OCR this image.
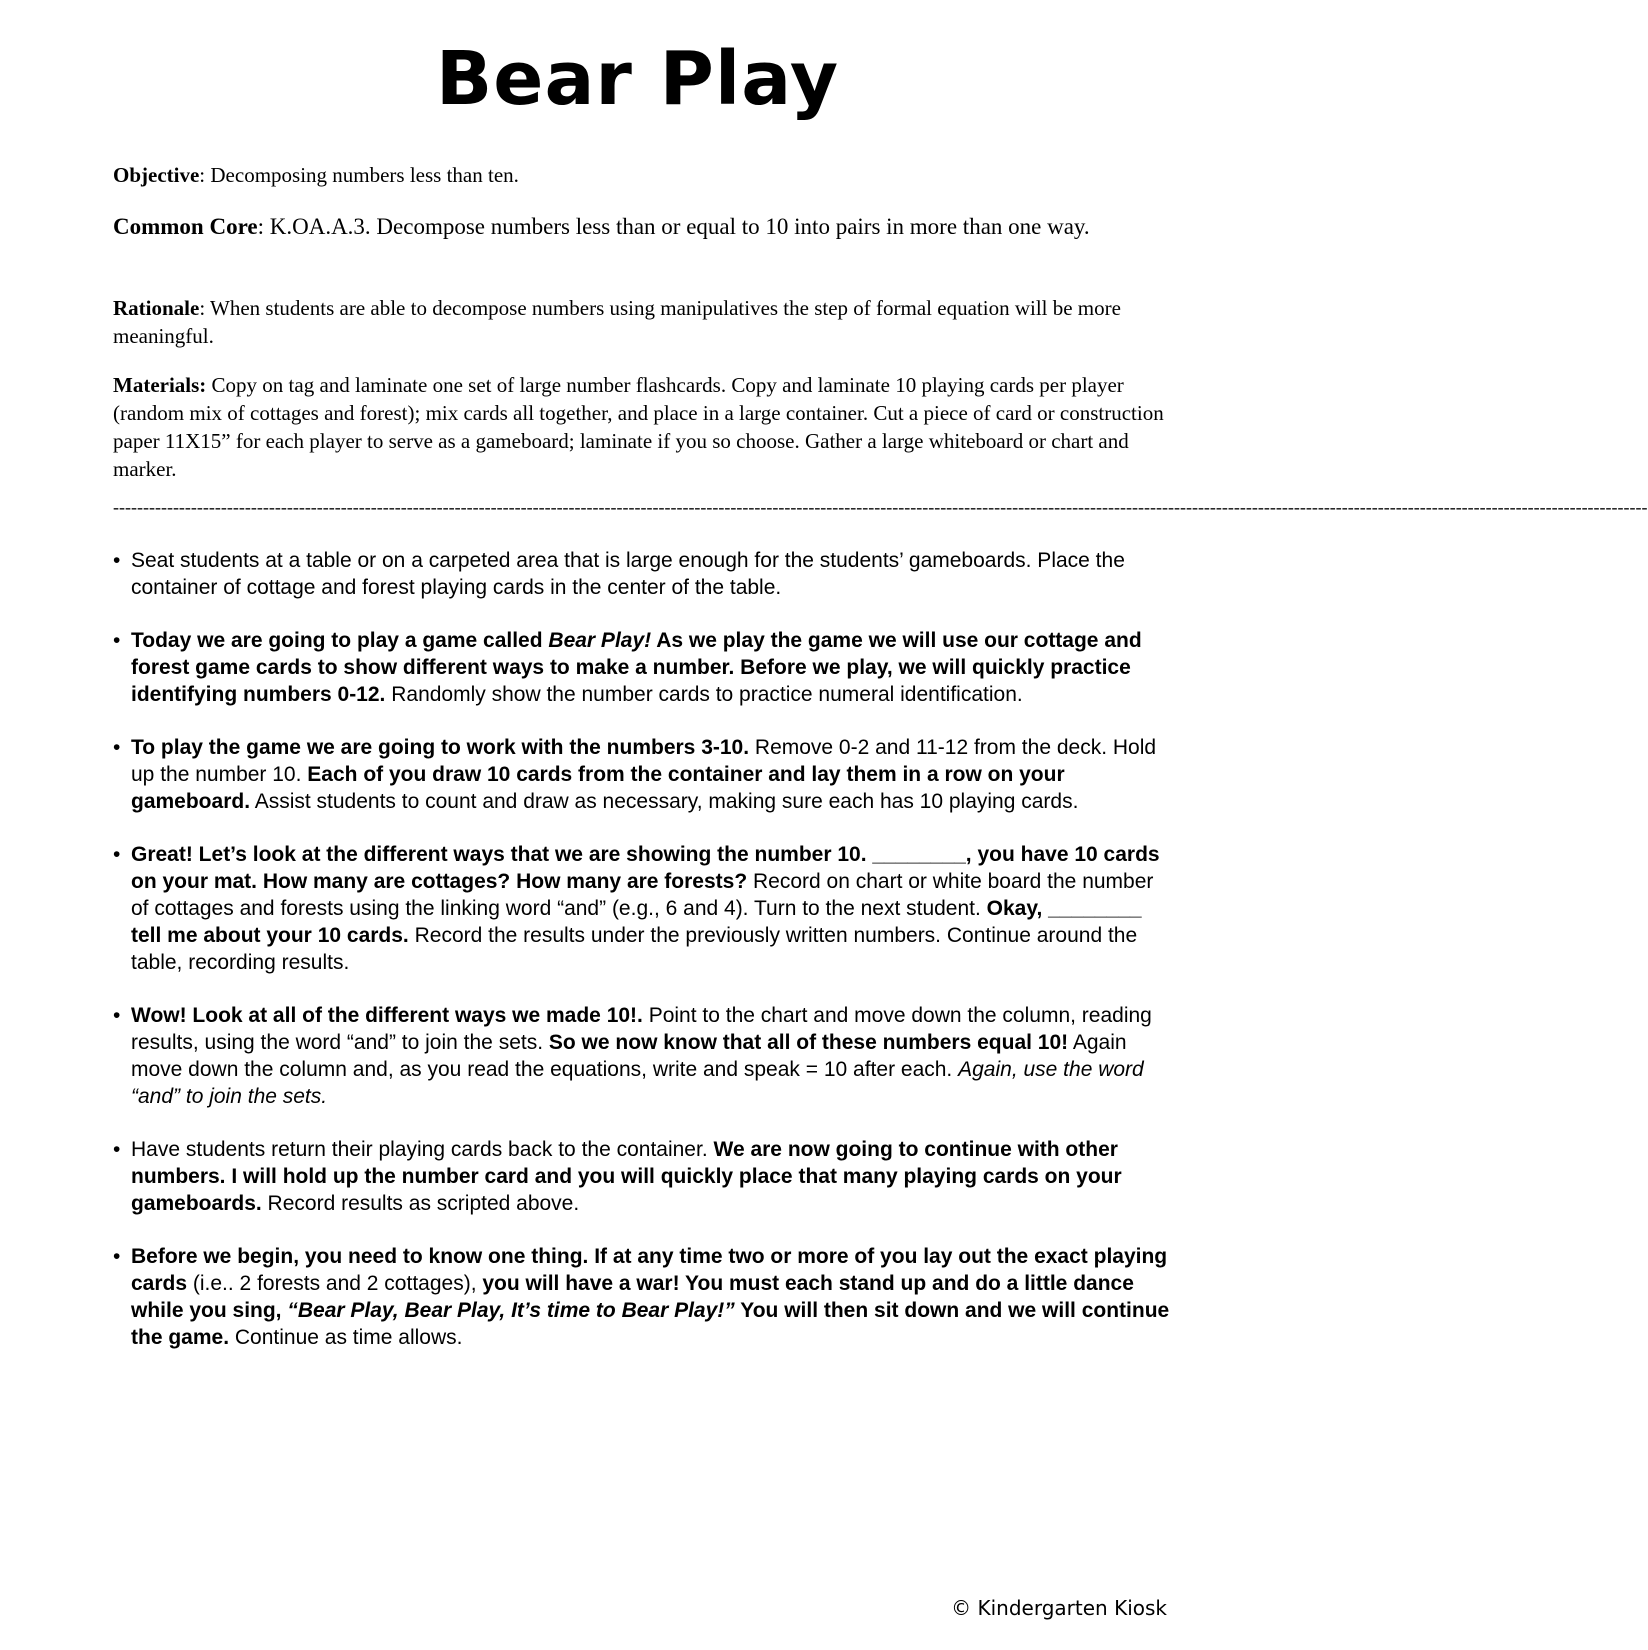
Bear Play
Objective: Decomposing numbers less than ten.
Common Core: K.OA.A.3. Decompose numbers less than or equal to 10 into pairs in more than one way.
Rationale: When students are able to decompose numbers using manipulatives the step of formal equation will be more meaningful.
Materials: Copy on tag and laminate one set of large number flashcards. Copy and laminate 10 playing cards per player (random mix of cottages and forest); mix cards all together, and place in a large container. Cut a piece of card or construction paper 11X15” for each player to serve as a gameboard; laminate if you so choose. Gather a large whiteboard or chart and marker.
----------------------------------------------------------------------------------------------------------------------------------------------------------------------------------------------------------------------------------------------------------------
• Seat students at a table or on a carpeted area that is large enough for the students’ gameboards. Place the container of cottage and forest playing cards in the center of the table.
• Today we are going to play a game called Bear Play! As we play the game we will use our cottage and forest game cards to show different ways to make a number. Before we play, we will quickly practice identifying numbers 0-12. Randomly show the number cards to practice numeral identification.
• To play the game we are going to work with the numbers 3-10. Remove 0-2 and 11-12 from the deck. Hold up the number 10. Each of you draw 10 cards from the container and lay them in a row on your gameboard. Assist students to count and draw as necessary, making sure each has 10 playing cards.
• Great! Let’s look at the different ways that we are showing the number 10. ________, you have 10 cards on your mat. How many are cottages? How many are forests? Record on chart or white board the number of cottages and forests using the linking word “and” (e.g., 6 and 4). Turn to the next student. Okay, ________ tell me about your 10 cards. Record the results under the previously written numbers. Continue around the table, recording results.
• Wow! Look at all of the different ways we made 10!. Point to the chart and move down the column, reading results, using the word “and” to join the sets. So we now know that all of these numbers equal 10! Again move down the column and, as you read the equations, write and speak = 10 after each. Again, use the word “and” to join the sets.
• Have students return their playing cards back to the container. We are now going to continue with other numbers. I will hold up the number card and you will quickly place that many playing cards on your gameboards. Record results as scripted above.
• Before we begin, you need to know one thing. If at any time two or more of you lay out the exact playing cards (i.e.. 2 forests and 2 cottages), you will have a war! You must each stand up and do a little dance while you sing, “Bear Play, Bear Play, It’s time to Bear Play!” You will then sit down and we will continue the game. Continue as time allows.
© Kindergarten Kiosk
